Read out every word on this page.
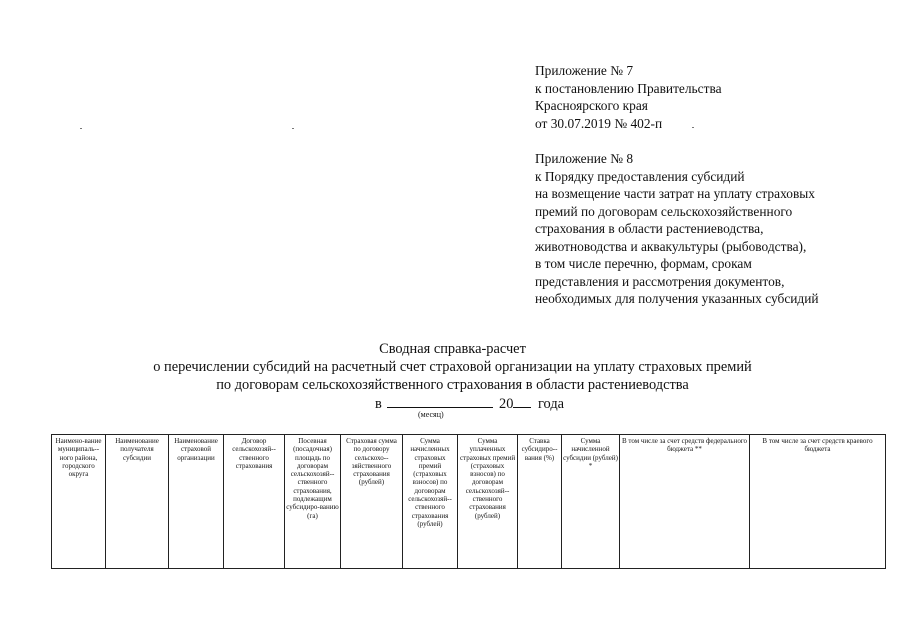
Приложение № 7
к постановлению Правительства
Красноярского края
от 30.07.2019 № 402-п
Приложение № 8
к Порядку предоставления субсидий
на возмещение части затрат на уплату страховых
премий по договорам сельскохозяйственного
страхования в области растениеводства,
животноводства и аквакультуры (рыбоводства),
в том числе перечню, формам, срокам
представления и рассмотрения документов,
необходимых для получения указанных субсидий
Сводная справка-расчет
о перечислении субсидий на расчетный счет страховой организации на уплату страховых премий
по договорам сельскохозяйственного страхования в области растениеводства
в	20 года
(месяц)
Наимено-вание муниципаль-ного района, городского округа	Наименование получателя субсидии	Наименование страховой организации	Договор сельскохозяй-ственного страхования	Посевная (посадочная) площадь по договорам сельскохозяй-ственного страхования, подлежащим субсидиро-ванию (га)	Страховая сумма по договору сельскохо-зяйственного страхования (рублей)	Сумма начисленных страховых премий (страховых взносов) по договорам сельскохозяй-ственного страхования (рублей)	Сумма уплаченных страховых премий (страховых взносов) по договорам сельскохозяй-ственного страхования (рублей)	Ставка субсидиро-вания (%)	Сумма начисленной субсидии (рублей) *	В том числе за счет средств федерального бюджета **	В том числе за счет средств краевого бюджета
